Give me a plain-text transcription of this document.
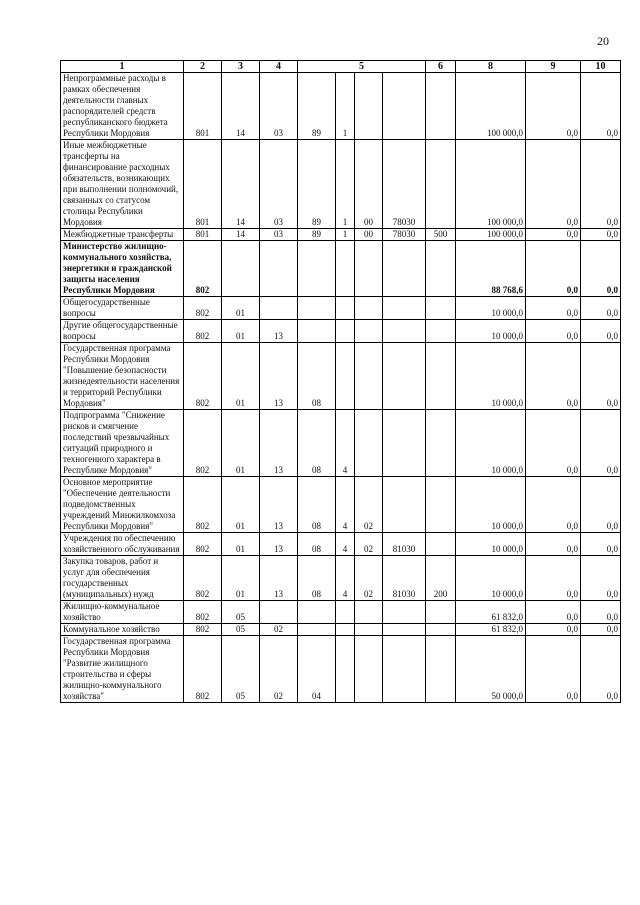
20
1	2	3	4	5				6	8	9	10
Непрограммные расходы в рамках обеспечения деятельности главных распорядителей средств республиканского бюджета Республики Мордовия	801	14	03	89	1				100 000,0	0,0	0,0
Иные межбюджетные трансферты на финансирование расходных обязательств, возникающих при выполнении полномочий, связанных со статусом столицы Республики Мордовия	801	14	03	89	1	00	78030		100 000,0	0,0	0,0
Межбюджетные трансферты	801	14	03	89	1	00	78030	500	100 000,0	0,0	0,0
Министерство жилищно-коммунального хозяйства, энергетики и гражданской защиты населения Республики Мордовия	802								88 768,6	0,0	0,0
Общегосударственные вопросы	802	01							10 000,0	0,0	0,0
Другие общегосударственные вопросы	802	01	13						10 000,0	0,0	0,0
Государственная программа Республики Мордовия "Повышение безопасности жизнедеятельности населения и территорий Республики Мордовия"	802	01	13	08					10 000,0	0,0	0,0
Подпрограмма "Снижение рисков и смягчение последствий чрезвычайных ситуаций природного и техногенного характера в Республике Мордовия"	802	01	13	08	4				10 000,0	0,0	0,0
Основное мероприятие "Обеспечение деятельности подведомственных учреждений Минжилкомхоза Республики Мордовия"	802	01	13	08	4	02			10 000,0	0,0	0,0
Учреждения по обеспечению хозяйственного обслуживания	802	01	13	08	4	02	81030		10 000,0	0,0	0,0
Закупка товаров, работ и услуг для обеспечения государственных (муниципальных) нужд	802	01	13	08	4	02	81030	200	10 000,0	0,0	0,0
Жилищно-коммунальное хозяйство	802	05							61 832,0	0,0	0,0
Коммунальное хозяйство	802	05	02						61 832,0	0,0	0,0
Государственная программа Республики Мордовия "Развитие жилищного строительства и сферы жилищно-коммунального хозяйства"	802	05	02	04					50 000,0	0,0	0,0
